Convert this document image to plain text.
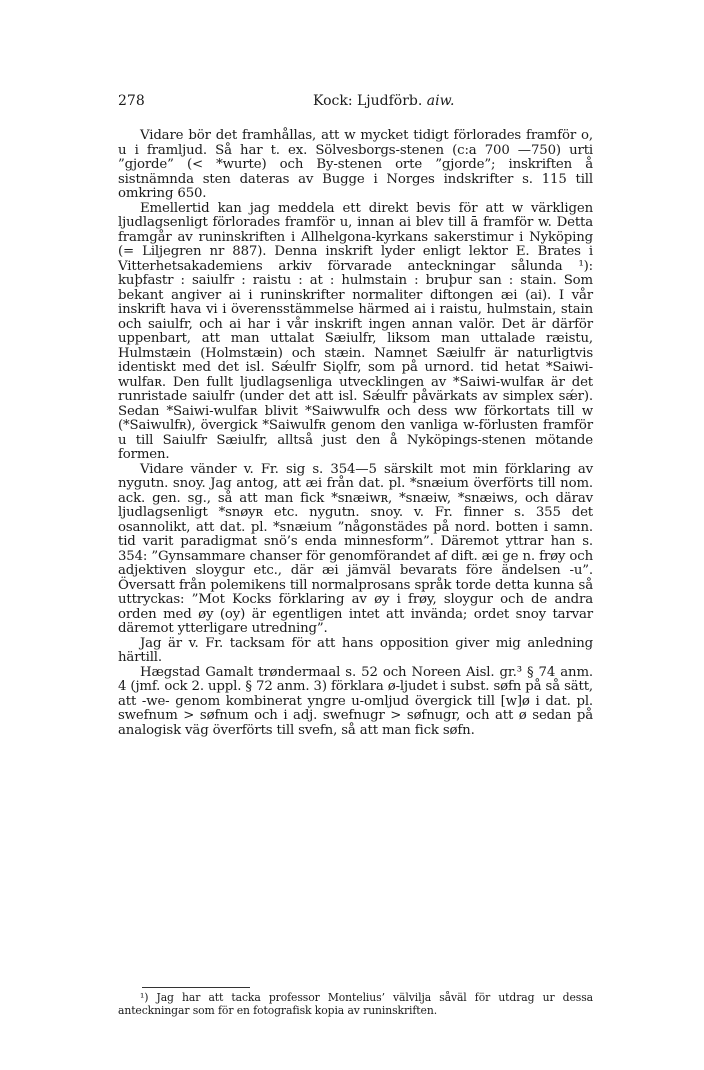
278	Kock: Ljudförb. aiw.

Vidare bör det framhållas, att w mycket tidigt förlorades framför o, u i framljud. Så har t. ex. Sölvesborgs-stenen (c:a 700 —750) urti ”gjorde” (< *wurte) och By-stenen orte ”gjorde”; inskriften å sistnämnda sten dateras av Bugge i Norges indskrifter s. 115 till omkring 650.

Emellertid kan jag meddela ett direkt bevis för att w värkligen ljudlagsenligt förlorades framför u, innan ai blev till ā framför w. Detta framgår av runinskriften i Allhelgona-kyrkans sakerstimur i Nyköping (= Liljegren nr 887). Denna inskrift lyder enligt lektor E. Brates i Vitterhetsakademiens arkiv förvarade anteckningar sålunda ¹): kuþfastr : saiulfr : raistu : at : hulmstain : bruþur san : stain. Som bekant angiver ai i runinskrifter normaliter diftongen æi (ai). I vår inskrift hava vi i överensstämmelse härmed ai i raistu, hulmstain, stain och saiulfr, och ai har i vår inskrift ingen annan valör. Det är därför uppenbart, att man uttalat Sæiulfr, liksom man uttalade ræistu, Hulmstæin (Holmstæin) och stæin. Namnet Sæiulfr är naturligtvis identiskt med det isl. Sǽulfr Siǫlfr, som på urnord. tid hetat *Saiwi-wulfaʀ. Den fullt ljudlagsenliga utvecklingen av *Saiwi-wulfaʀ är det runristade saiulfr (under det att isl. Sǽulfr påvärkats av simplex sǽr). Sedan *Saiwi-wulfaʀ blivit *Saiwwulfʀ och dess ww förkortats till w (*Saiwulfʀ), övergick *Saiwulfʀ genom den vanliga w-förlusten framför u till Saiulfr Sæiulfr, alltså just den å Nyköpings-stenen mötande formen.

Vidare vänder v. Fr. sig s. 354—5 särskilt mot min förklaring av nygutn. snoy. Jag antog, att æi från dat. pl. *snæium överförts till nom. ack. gen. sg., så att man fick *snæiwʀ, *snæiw, *snæiws, och därav ljudlagsenligt *snøyʀ etc. nygutn. snoy. v. Fr. finner s. 355 det osannolikt, att dat. pl. *snæium ”någonstädes på nord. botten i samn. tid varit paradigmat snö’s enda minnesform”. Däremot yttrar han s. 354: ”Gynsammare chanser för genomförandet af dift. æi ge n. frøy och adjektiven sloygur etc., där æi jämväl bevarats före ändelsen -u”. Översatt från polemikens till normalprosans språk torde detta kunna så uttryckas: ”Mot Kocks förklaring av øy i frøy, sloygur och de andra orden med øy (oy) är egentligen intet att invända; ordet snoy tarvar däremot ytterligare utredning”.

Jag är v. Fr. tacksam för att hans opposition giver mig anledning härtill.

Hægstad Gamalt trøndermaal s. 52 och Noreen Aisl. gr.³ § 74 anm. 4 (jmf. ock 2. uppl. § 72 anm. 3) förklara ø-ljudet i subst. søfn på så sätt, att -we- genom kombinerat yngre u-omljud övergick till [w]ø i dat. pl. swefnum > søfnum och i adj. swefnugr > søfnugr, och att ø sedan på analogisk väg överförts till svefn, så att man fick søfn.

¹) Jag har att tacka professor Montelius’ välvilja såväl för utdrag ur dessa anteckningar som för en fotografisk kopia av runinskriften.
